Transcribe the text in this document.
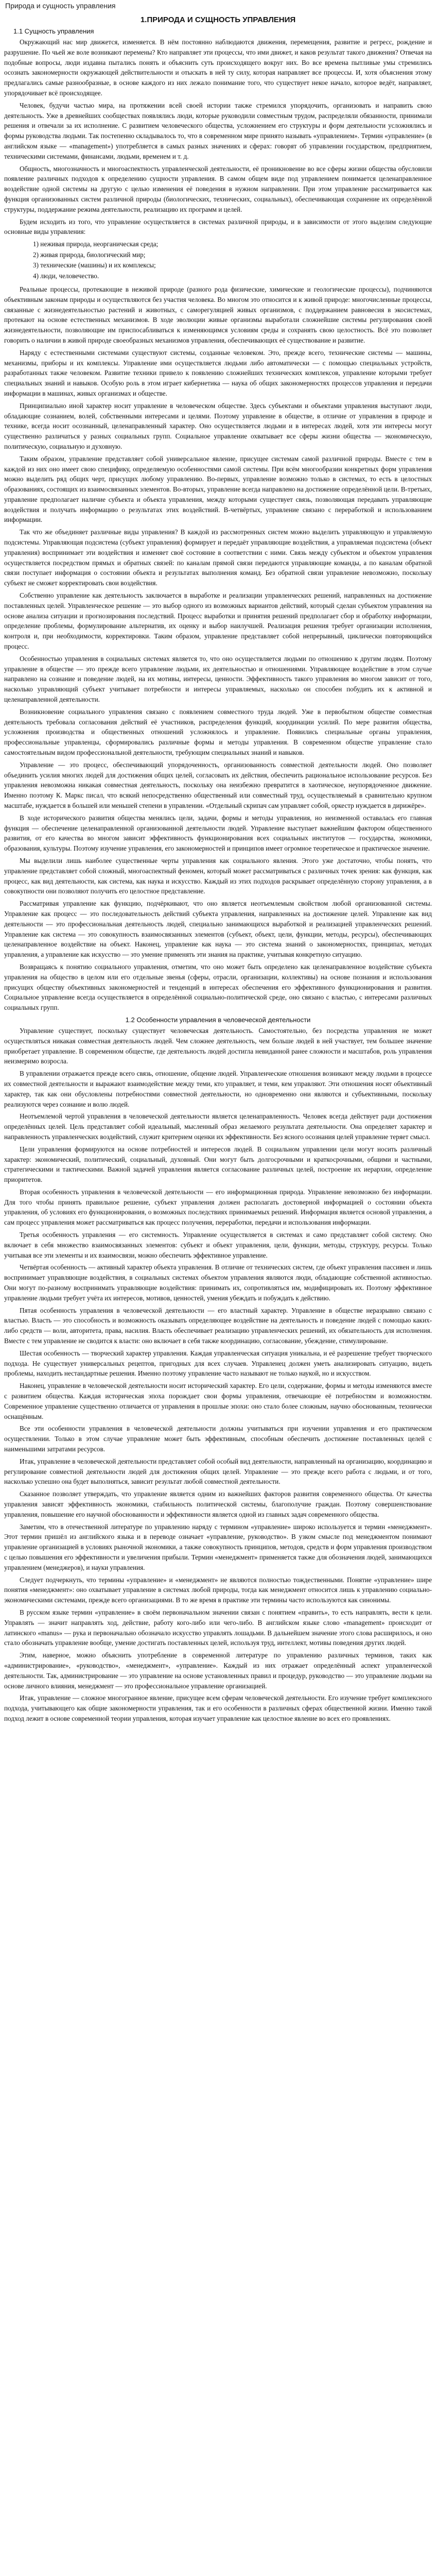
Природа и сущность управления
1.ПРИРОДА И СУЩНОСТЬ УПРАВЛЕНИЯ
1.1 Сущность управления

Окружающий нас мир движется, изменяется. В нём постоянно наблюдаются движения, перемещения, развитие и регресс, рождение и разрушение. По чьей же воле возникают перемены? Кто направляет эти процессы, что ими движет, и каков результат такого движения? Отвечая на подобные вопросы, люди издавна пытались понять и объяснить суть происходящего вокруг них. Во все времена пытливые умы стремились осознать закономерности окружающей действительности и отыскать в ней ту силу, которая направляет все процессы. И, хотя объяснения этому предлагались самые разнообразные, в основе каждого из них лежало понимание того, что существует некое начало, которое ведёт, направляет, упорядочивает всё происходящее.

Человек, будучи частью мира, на протяжении всей своей истории также стремился упорядочить, организовать и направить свою деятельность. Уже в древнейших сообществах появлялись люди, которые руководили совместным трудом, распределяли обязанности, принимали решения и отвечали за их исполнение. С развитием человеческого общества, усложнением его структуры и форм деятельности усложнялись и формы руководства людьми. Так постепенно складывалось то, что в современном мире принято называть «управлением». Термин «управление» (в английском языке — «management») употребляется в самых разных значениях и сферах: говорят об управлении государством, предприятием, техническими системами, финансами, людьми, временем и т. д.

Общность, многозначность и многоаспектность управленческой деятельности, её проникновение во все сферы жизни общества обусловили появление различных подходов к определению сущности управления. В самом общем виде под управлением понимается целенаправленное воздействие одной системы на другую с целью изменения её поведения в нужном направлении. При этом управление рассматривается как функция организованных систем различной природы (биологических, технических, социальных), обеспечивающая сохранение их определённой структуры, поддержание режима деятельности, реализацию их программ и целей.

Будем исходить из того, что управление осуществляется в системах различной природы, и в зависимости от этого выделим следующие основные виды управления:

1) неживая природа, неорганическая среда;
2) живая природа, биологический мир;
3) технические (машины) и их комплексы;
4) люди, человечество.

Реальные процессы, протекающие в неживой природе (разного рода физические, химические и геологические процессы), подчиняются объективным законам природы и осуществляются без участия человека. Во многом это относится и к живой природе: многочисленные процессы, связанные с жизнедеятельностью растений и животных, с саморегуляцией живых организмов, с поддержанием равновесия в экосистемах, протекают на основе естественных механизмов. В ходе эволюции живые организмы выработали сложнейшие системы регулирования своей жизнедеятельности, позволяющие им приспосабливаться к изменяющимся условиям среды и сохранять свою целостность. Всё это позволяет говорить о наличии в живой природе своеобразных механизмов управления, обеспечивающих её существование и развитие.

Наряду с естественными системами существуют системы, созданные человеком. Это, прежде всего, технические системы — машины, механизмы, приборы и их комплексы. Управление ими осуществляется людьми либо автоматически — с помощью специальных устройств, разработанных также человеком. Развитие техники привело к появлению сложнейших технических комплексов, управление которыми требует специальных знаний и навыков. Особую роль в этом играет кибернетика — наука об общих закономерностях процессов управления и передачи информации в машинах, живых организмах и обществе.

Принципиально иной характер носит управление в человеческом обществе. Здесь субъектами и объектами управления выступают люди, обладающие сознанием, волей, собственными интересами и целями. Поэтому управление в обществе, в отличие от управления в природе и технике, всегда носит осознанный, целенаправленный характер. Оно осуществляется людьми и в интересах людей, хотя эти интересы могут существенно различаться у разных социальных групп. Социальное управление охватывает все сферы жизни общества — экономическую, политическую, социальную и духовную.

Таким образом, управление представляет собой универсальное явление, присущее системам самой различной природы. Вместе с тем в каждой из них оно имеет свою специфику, определяемую особенностями самой системы. При всём многообразии конкретных форм управления можно выделить ряд общих черт, присущих любому управлению. Во-первых, управление возможно только в системах, то есть в целостных образованиях, состоящих из взаимосвязанных элементов. Во-вторых, управление всегда направлено на достижение определённой цели. В-третьих, управление предполагает наличие субъекта и объекта управления, между которыми существует связь, позволяющая передавать управляющие воздействия и получать информацию о результатах этих воздействий. В-четвёртых, управление связано с переработкой и использованием информации.

Так что же объединяет различные виды управления? В каждой из рассмотренных систем можно выделить управляющую и управляемую подсистемы. Управляющая подсистема (субъект управления) формирует и передаёт управляющие воздействия, а управляемая подсистема (объект управления) воспринимает эти воздействия и изменяет своё состояние в соответствии с ними. Связь между субъектом и объектом управления осуществляется посредством прямых и обратных связей: по каналам прямой связи передаются управляющие команды, а по каналам обратной связи поступает информация о состоянии объекта и результатах выполнения команд. Без обратной связи управление невозможно, поскольку субъект не сможет корректировать свои воздействия.

Собственно управление как деятельность заключается в выработке и реализации управленческих решений, направленных на достижение поставленных целей. Управленческое решение — это выбор одного из возможных вариантов действий, который сделан субъектом управления на основе анализа ситуации и прогнозирования последствий. Процесс выработки и принятия решений предполагает сбор и обработку информации, определение проблемы, формулирование альтернатив, их оценку и выбор наилучшей. Реализация решения требует организации исполнения, контроля и, при необходимости, корректировки. Таким образом, управление представляет собой непрерывный, циклически повторяющийся процесс.

Особенностью управления в социальных системах является то, что оно осуществляется людьми по отношению к другим людям. Поэтому управление в обществе — это прежде всего управление людьми, их деятельностью и отношениями. Управляющее воздействие в этом случае направлено на сознание и поведение людей, на их мотивы, интересы, ценности. Эффективность такого управления во многом зависит от того, насколько управляющий субъект учитывает потребности и интересы управляемых, насколько он способен побудить их к активной и целенаправленной деятельности.

Возникновение социального управления связано с появлением совместного труда людей. Уже в первобытном обществе совместная деятельность требовала согласования действий её участников, распределения функций, координации усилий. По мере развития общества, усложнения производства и общественных отношений усложнялось и управление. Появились специальные органы управления, профессиональные управленцы, сформировались различные формы и методы управления. В современном обществе управление стало самостоятельным видом профессиональной деятельности, требующим специальных знаний и навыков.

Управление — это процесс, обеспечивающий упорядоченность, организованность совместной деятельности людей. Оно позволяет объединить усилия многих людей для достижения общих целей, согласовать их действия, обеспечить рациональное использование ресурсов. Без управления невозможна никакая совместная деятельность, поскольку она неизбежно превратится в хаотическое, неупорядоченное движение. Именно поэтому К. Маркс писал, что всякий непосредственно общественный или совместный труд, осуществляемый в сравнительно крупном масштабе, нуждается в большей или меньшей степени в управлении. «Отдельный скрипач сам управляет собой, оркестр нуждается в дирижёре».

В ходе исторического развития общества менялись цели, задачи, формы и методы управления, но неизменной оставалась его главная функция — обеспечение целенаправленной организованной деятельности людей. Управление выступает важнейшим фактором общественного развития, от его качества во многом зависит эффективность функционирования всех социальных институтов — государства, экономики, образования, культуры. Поэтому изучение управления, его закономерностей и принципов имеет огромное теоретическое и практическое значение.

Мы выделили лишь наиболее существенные черты управления как социального явления. Этого уже достаточно, чтобы понять, что управление представляет собой сложный, многоаспектный феномен, который может рассматриваться с различных точек зрения: как функция, как процесс, как вид деятельности, как система, как наука и искусство. Каждый из этих подходов раскрывает определённую сторону управления, а в совокупности они позволяют получить его целостное представление.

Рассматривая управление как функцию, подчёркивают, что оно является неотъемлемым свойством любой организованной системы. Управление как процесс — это последовательность действий субъекта управления, направленных на достижение целей. Управление как вид деятельности — это профессиональная деятельность людей, специально занимающихся выработкой и реализацией управленческих решений. Управление как система — это совокупность взаимосвязанных элементов (субъект, объект, цели, функции, методы, ресурсы), обеспечивающих целенаправленное воздействие на объект. Наконец, управление как наука — это система знаний о закономерностях, принципах, методах управления, а управление как искусство — это умение применять эти знания на практике, учитывая конкретную ситуацию.

Возвращаясь к понятию социального управления, отметим, что оно может быть определено как целенаправленное воздействие субъекта управления на общество в целом или его отдельные звенья (сферы, отрасли, организации, коллективы) на основе познания и использования присущих обществу объективных закономерностей и тенденций в интересах обеспечения его эффективного функционирования и развития. Социальное управление всегда осуществляется в определённой социально-политической среде, оно связано с властью, с интересами различных социальных групп.

1.2 Особенности управления в человеческой деятельности

Управление существует, поскольку существует человеческая деятельность. Самостоятельно, без посредства управления не может осуществляться никакая совместная деятельность людей. Чем сложнее деятельность, чем больше людей в ней участвует, тем большее значение приобретает управление. В современном обществе, где деятельность людей достигла невиданной ранее сложности и масштабов, роль управления неизмеримо возросла.

В управлении отражается прежде всего связь, отношение, общение людей. Управленческие отношения возникают между людьми в процессе их совместной деятельности и выражают взаимодействие между теми, кто управляет, и теми, кем управляют. Эти отношения носят объективный характер, так как они обусловлены потребностями совместной деятельности, но одновременно они являются и субъективными, поскольку реализуются через сознание и волю людей.

Неотъемлемой чертой управления в человеческой деятельности является целенаправленность. Человек всегда действует ради достижения определённых целей. Цель представляет собой идеальный, мысленный образ желаемого результата деятельности. Она определяет характер и направленность управленческих воздействий, служит критерием оценки их эффективности. Без ясного осознания целей управление теряет смысл.

Цели управления формируются на основе потребностей и интересов людей. В социальном управлении цели могут носить различный характер: экономический, политический, социальный, духовный. Они могут быть долгосрочными и краткосрочными, общими и частными, стратегическими и тактическими. Важной задачей управления является согласование различных целей, построение их иерархии, определение приоритетов.

Вторая особенность управления в человеческой деятельности — его информационная природа. Управление невозможно без информации. Для того чтобы принять правильное решение, субъект управления должен располагать достоверной информацией о состоянии объекта управления, об условиях его функционирования, о возможных последствиях принимаемых решений. Информация является основой управления, а сам процесс управления может рассматриваться как процесс получения, переработки, передачи и использования информации.

Третья особенность управления — его системность. Управление осуществляется в системах и само представляет собой систему. Оно включает в себя множество взаимосвязанных элементов: субъект и объект управления, цели, функции, методы, структуру, ресурсы. Только учитывая все эти элементы и их взаимосвязи, можно обеспечить эффективное управление.

Четвёртая особенность — активный характер объекта управления. В отличие от технических систем, где объект управления пассивен и лишь воспринимает управляющие воздействия, в социальных системах объектом управления являются люди, обладающие собственной активностью. Они могут по-разному воспринимать управляющие воздействия: принимать их, сопротивляться им, модифицировать их. Поэтому эффективное управление людьми требует учёта их интересов, мотивов, ценностей, умения убеждать и побуждать к действию.

Пятая особенность управления в человеческой деятельности — его властный характер. Управление в обществе неразрывно связано с властью. Власть — это способность и возможность оказывать определяющее воздействие на деятельность и поведение людей с помощью каких-либо средств — воли, авторитета, права, насилия. Власть обеспечивает реализацию управленческих решений, их обязательность для исполнения. Вместе с тем управление не сводится к власти: оно включает в себя также координацию, согласование, убеждение, стимулирование.

Шестая особенность — творческий характер управления. Каждая управленческая ситуация уникальна, и её разрешение требует творческого подхода. Не существует универсальных рецептов, пригодных для всех случаев. Управленец должен уметь анализировать ситуацию, видеть проблемы, находить нестандартные решения. Именно поэтому управление часто называют не только наукой, но и искусством.

Наконец, управление в человеческой деятельности носит исторический характер. Его цели, содержание, формы и методы изменяются вместе с развитием общества. Каждая историческая эпоха порождает свои формы управления, отвечающие её потребностям и возможностям. Современное управление существенно отличается от управления в прошлые эпохи: оно стало более сложным, научно обоснованным, технически оснащённым.

Все эти особенности управления в человеческой деятельности должны учитываться при изучении управления и его практическом осуществлении. Только в этом случае управление может быть эффективным, способным обеспечить достижение поставленных целей с наименьшими затратами ресурсов.

Итак, управление в человеческой деятельности представляет собой особый вид деятельности, направленный на организацию, координацию и регулирование совместной деятельности людей для достижения общих целей. Управление — это прежде всего работа с людьми, и от того, насколько успешно она будет выполняться, зависит результат любой совместной деятельности.

Сказанное позволяет утверждать, что управление является одним из важнейших факторов развития современного общества. От качества управления зависят эффективность экономики, стабильность политической системы, благополучие граждан. Поэтому совершенствование управления, повышение его научной обоснованности и эффективности является одной из главных задач современного общества.

Заметим, что в отечественной литературе по управлению наряду с термином «управление» широко используется и термин «менеджмент». Этот термин пришёл из английского языка и в переводе означает «управление, руководство». В узком смысле под менеджментом понимают управление организацией в условиях рыночной экономики, а также совокупность принципов, методов, средств и форм управления производством с целью повышения его эффективности и увеличения прибыли. Термин «менеджмент» применяется также для обозначения людей, занимающихся управлением (менеджеров), и науки управления.

Следует подчеркнуть, что термины «управление» и «менеджмент» не являются полностью тождественными. Понятие «управление» шире понятия «менеджмент»: оно охватывает управление в системах любой природы, тогда как менеджмент относится лишь к управлению социально-экономическими системами, прежде всего организациями. В то же время в практике эти термины часто используются как синонимы.

В русском языке термин «управление» в своём первоначальном значении связан с понятием «править», то есть направлять, вести к цели. Управлять — значит направлять ход, действие, работу кого-либо или чего-либо. В английском языке слово «management» происходит от латинского «manus» — рука и первоначально обозначало искусство управлять лошадьми. В дальнейшем значение этого слова расширилось, и оно стало обозначать управление вообще, умение достигать поставленных целей, используя труд, интеллект, мотивы поведения других людей.

Этим, наверное, можно объяснить употребление в современной литературе по управлению различных терминов, таких как «администрирование», «руководство», «менеджмент», «управление». Каждый из них отражает определённый аспект управленческой деятельности. Так, администрирование — это управление на основе установленных правил и процедур, руководство — это управление людьми на основе личного влияния, менеджмент — это профессиональное управление организацией.

Итак, управление — сложное многогранное явление, присущее всем сферам человеческой деятельности. Его изучение требует комплексного подхода, учитывающего как общие закономерности управления, так и его особенности в различных сферах общественной жизни. Именно такой подход лежит в основе современной теории управления, которая изучает управление как целостное явление во всех его проявлениях.
